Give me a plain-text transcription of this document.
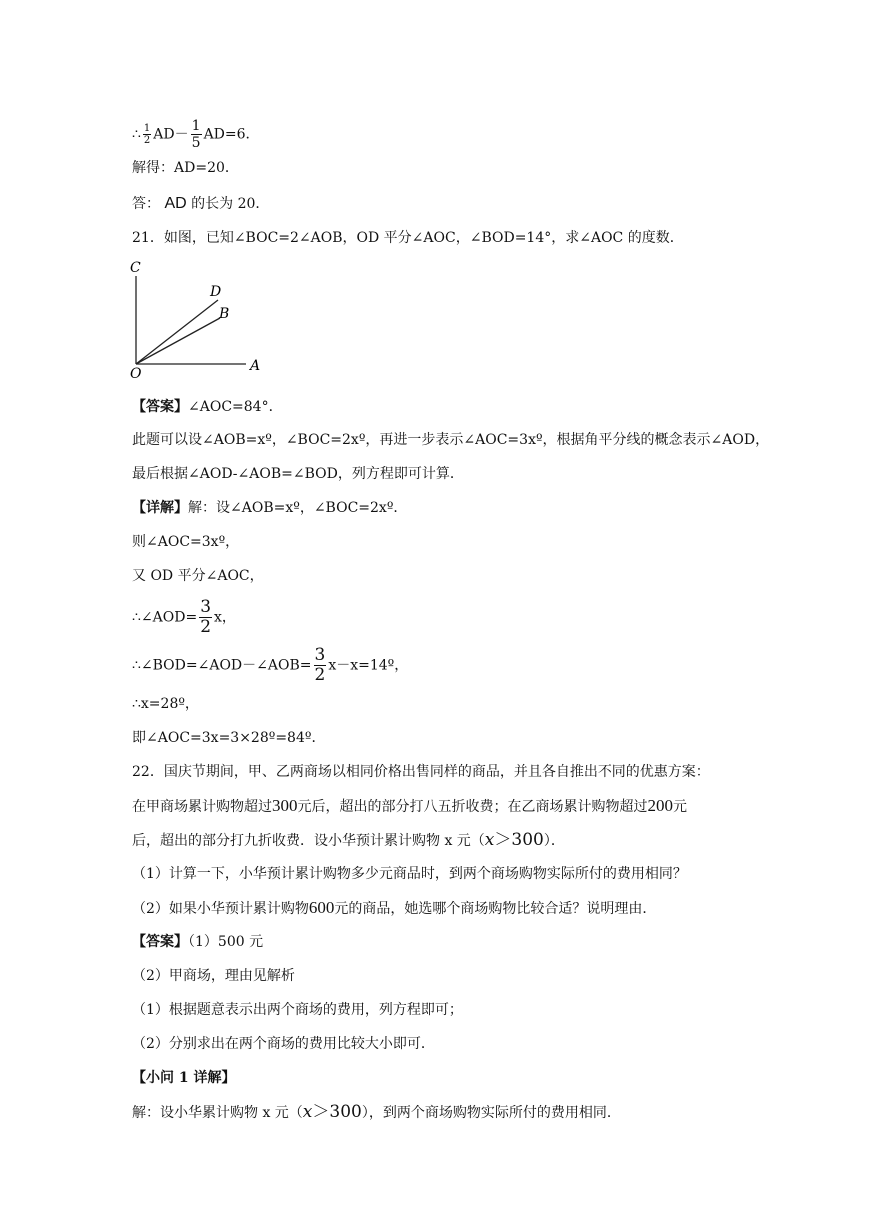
∴ $\frac{1}{2} AD- \frac{1}{5} AD=6$．
解得：AD=20．
答： AD 的长为 20．
21．如图，已知∠BOC=2∠AOB，OD 平分∠AOC，∠BOD=14°，求∠AOC 的度数．
C
D
B
O	A
【答案】∠AOC=84°．
此题可以设∠AOB=xº，∠BOC=2xº，再进一步表示∠AOC=3xº，根据角平分线的概念表示∠AOD，
最后根据∠AOD-∠AOB=∠BOD，列方程即可计算．
【详解】解：设∠AOB=xº，∠BOC=2xº．
则∠AOC=3xº，
又 OD 平分∠AOC，
∴∠AOD= $\frac{3}{2}$ x，
∴∠BOD=∠AOD－∠AOB= $\frac{3}{2}$ x－x=14º，
∴x=28º，
即∠AOC=3x=3×28º=84º．
22．国庆节期间，甲、乙两商场以相同价格出售同样的商品，并且各自推出不同的优惠方案：
在甲商场累计购物超过300元后，超出的部分打八五折收费；在乙商场累计购物超过200元
后，超出的部分打九折收费．设小华预计累计购物 x 元（x＞300）．
（1）计算一下，小华预计累计购物多少元商品时，到两个商场购物实际所付的费用相同？
（2）如果小华预计累计购物600元的商品，她选哪个商场购物比较合适？说明理由．
【答案】（1）500 元
（2）甲商场，理由见解析
（1）根据题意表示出两个商场的费用，列方程即可；
（2）分别求出在两个商场的费用比较大小即可．
【小问 1 详解】
解：设小华累计购物 x 元（x＞300），到两个商场购物实际所付的费用相同．
